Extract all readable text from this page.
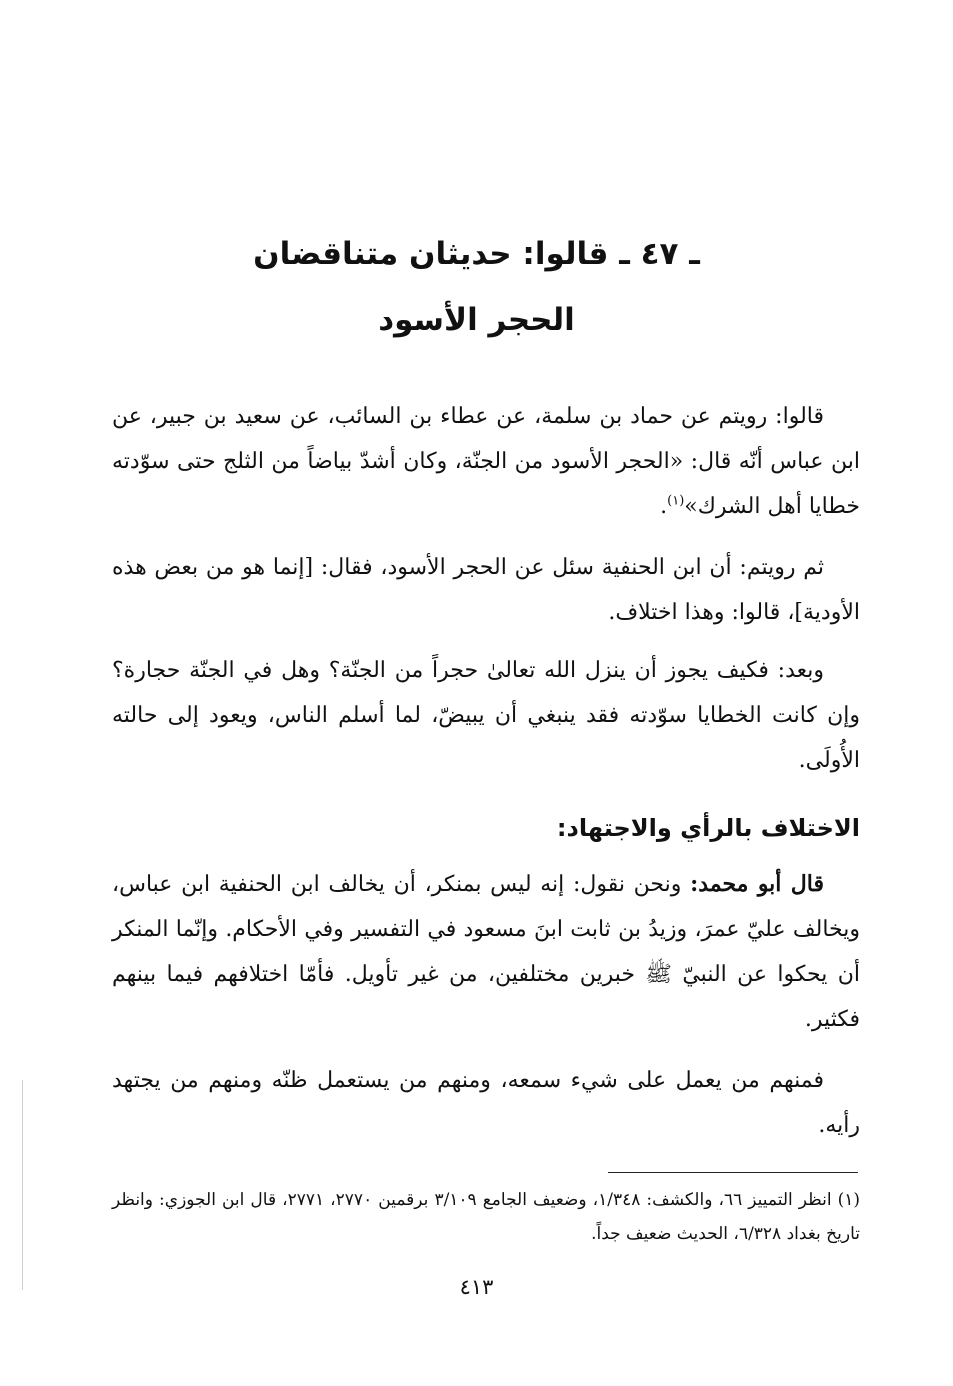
ـ ٤٧ ـ قالوا: حديثان متناقضان
الحجر الأسود
قالوا: رويتم عن حماد بن سلمة، عن عطاء بن السائب، عن سعيد بن جبير، عن ابن عباس أنّه قال: «الحجر الأسود من الجنّة، وكان أشدّ بياضاً من الثلج حتى سوّدته خطايا أهل الشرك»$^{(١)}$.
ثم رويتم: أن ابن الحنفية سئل عن الحجر الأسود، فقال: [إنما هو من بعض هذه الأودية]، قالوا: وهذا اختلاف.
وبعد: فكيف يجوز أن ينزل الله تعالىٰ حجراً من الجنّة؟ وهل في الجنّة حجارة؟ وإن كانت الخطايا سوّدته فقد ينبغي أن يبيضّ، لما أسلم الناس، ويعود إلى حالته الأُولَى.
الاختلاف بالرأي والاجتهاد:
قال أبو محمد: ونحن نقول: إنه ليس بمنكر، أن يخالف ابن الحنفية ابن عباس، ويخالف عليّ عمرَ، وزيدُ بن ثابت ابنَ مسعود في التفسير وفي الأحكام. وإنّما المنكر أن يحكوا عن النبيّ ﷺ خبرين مختلفين، من غير تأويل. فأمّا اختلافهم فيما بينهم فكثير.
فمنهم من يعمل على شيء سمعه، ومنهم من يستعمل ظنّه ومنهم من يجتهد رأيه.
(١) انظر التمييز ٦٦، والكشف: ١/٣٤٨، وضعيف الجامع ٣/١٠٩ برقمين ٢٧٧٠، ٢٧٧١، قال ابن الجوزي: وانظر تاريخ بغداد ٦/٣٢٨، الحديث ضعيف جداً.
٤١٣
